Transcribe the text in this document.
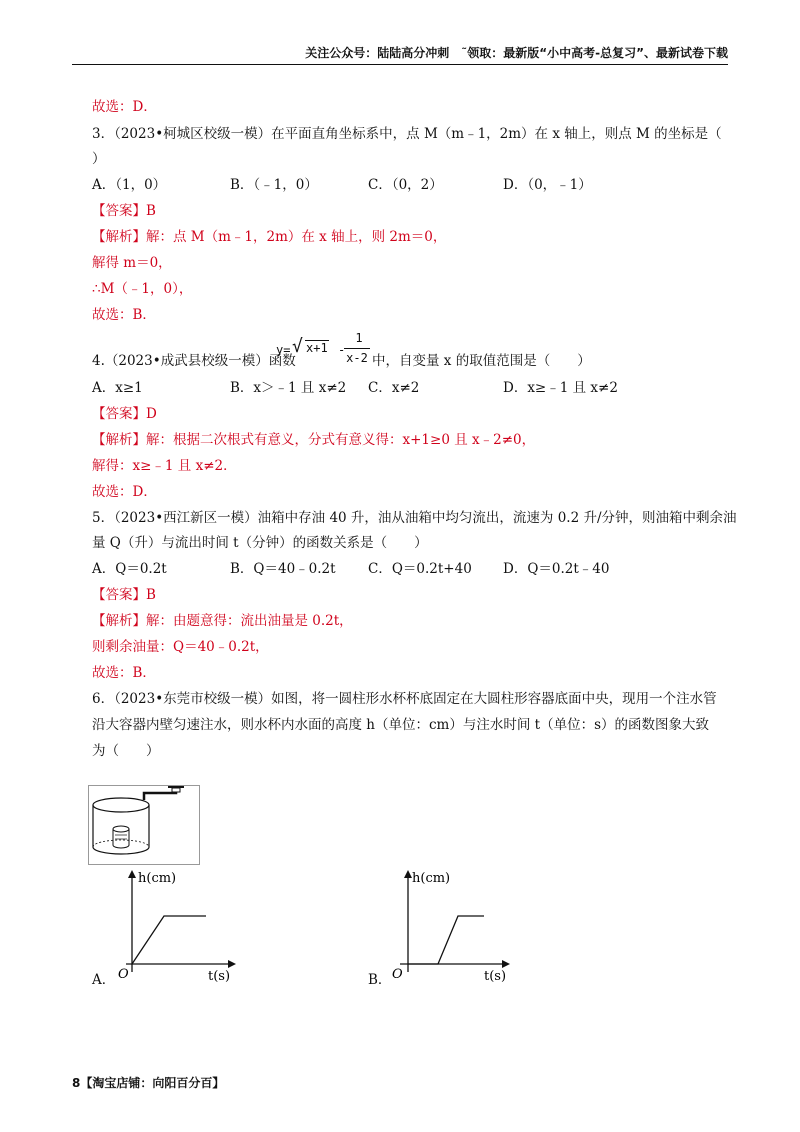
关注公众号：陆陆高分冲刺　˜领取：最新版“小中高考-总复习”、最新试卷下载
故选：D．
3．（2023•柯城区校级一模）在平面直角坐标系中，点 M（m﹣1，2m）在 x 轴上，则点 M 的坐标是（
）
A．（1，0）	B．（﹣1，0）	C．（0，2）	D．（0，﹣1）
【答案】B
【解析】解：点 M（m﹣1，2m）在 x 轴上，则 2m＝0，
解得 m＝0，
∴M（﹣1，0），
故选：B．
4.（2023•成武县校级一模）函数
y= √ x+1 -
1
x-2 中，自变量 x 的取值范围是（　　）
A．x≥1	B．x＞﹣1 且 x≠2 C．x≠2	D．x≥﹣1 且 x≠2
【答案】D
【解析】解：根据二次根式有意义，分式有意义得：x+1≥0 且 x﹣2≠0，
解得：x≥﹣1 且 x≠2．
故选：D．
5．（2023•西江新区一模）油箱中存油 40 升，油从油箱中均匀流出，流速为 0.2 升/分钟，则油箱中剩余油
量 Q（升）与流出时间 t（分钟）的函数关系是（　　）
A．Q＝0.2t	B．Q＝40﹣0.2t C．Q＝0.2t+40 D．Q＝0.2t﹣40
【答案】B
【解析】解：由题意得：流出油量是 0.2t，
则剩余油量：Q＝40﹣0.2t，
故选：B．
6．（2023•东莞市校级一模）如图，将一圆柱形水杯杯底固定在大圆柱形容器底面中央，现用一个注水管
沿大容器内壁匀速注水，则水杯内水面的高度 h（单位：cm）与注水时间 t（单位：s）的函数图象大致
为（　　）
h(cm)
t(s)
O
A．
h(cm)
t(s)
O
B．
8【淘宝店铺：向阳百分百】
